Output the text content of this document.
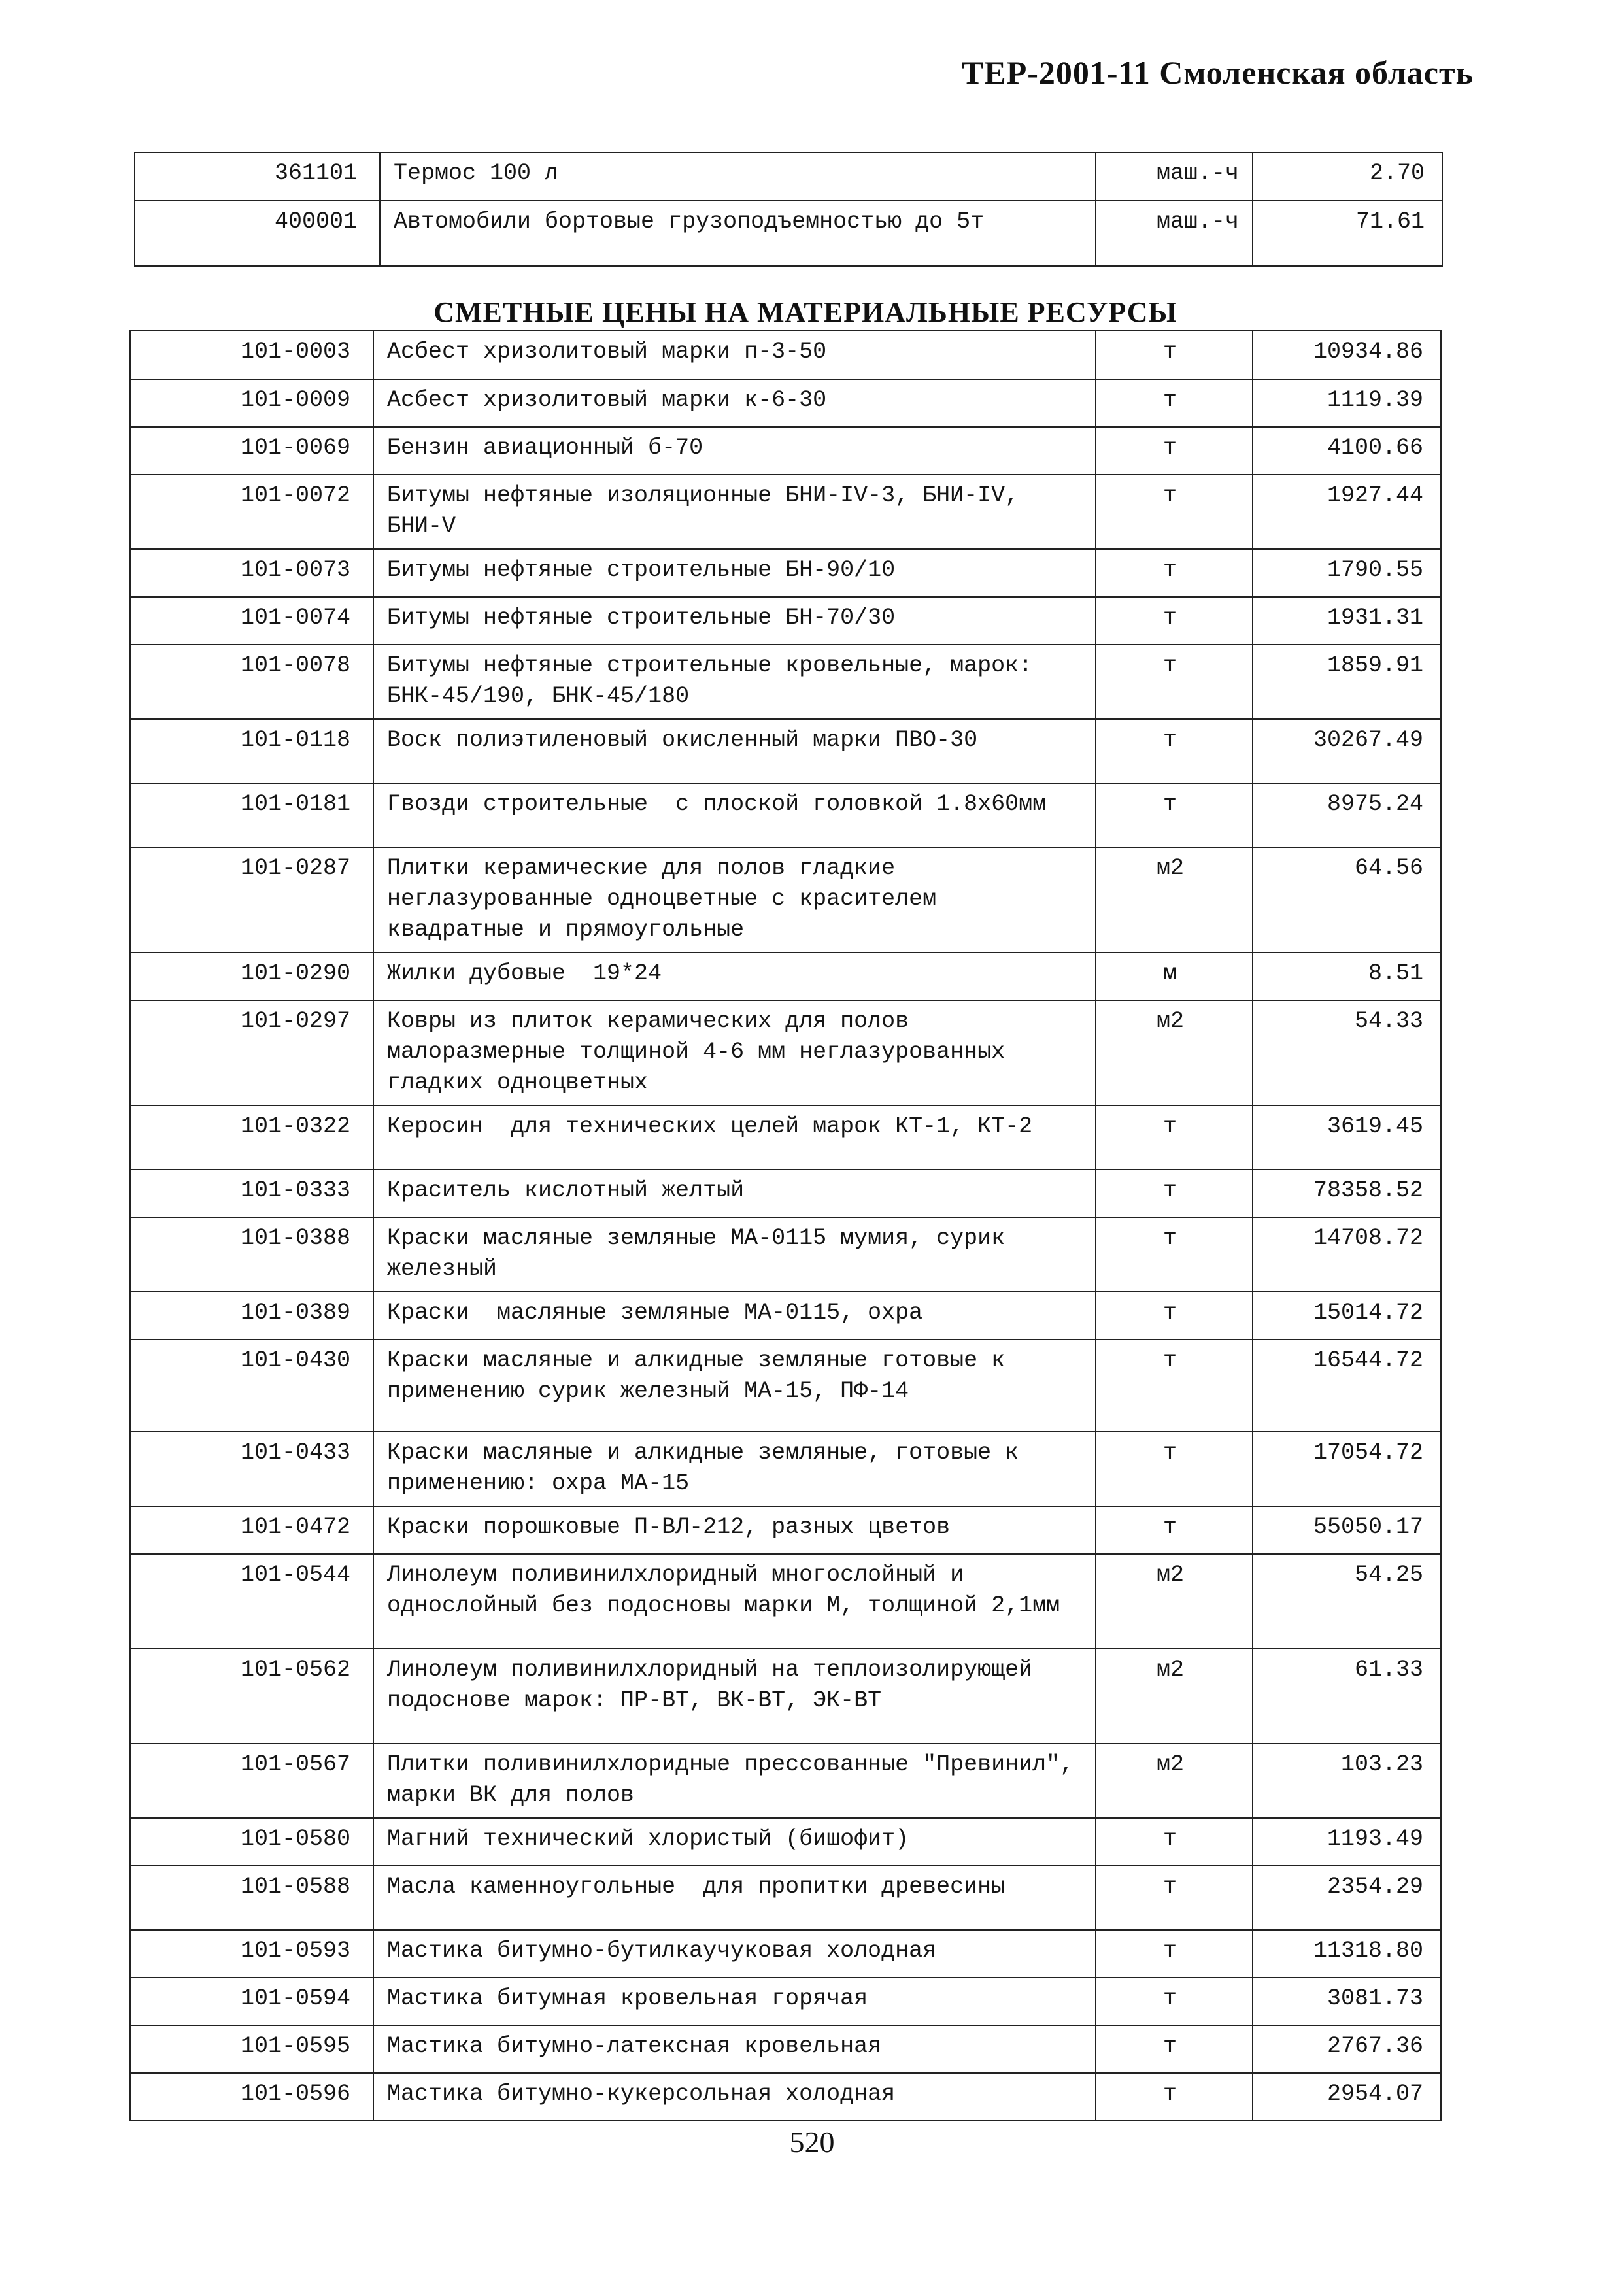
ТЕР-2001-11 Смоленская область
361101	Термос 100 л	маш.-ч	2.70
400001	Автомобили бортовые грузоподъемностью до 5т	маш.-ч	71.61
СМЕТНЫЕ ЦЕНЫ НА МАТЕРИАЛЬНЫЕ РЕСУРСЫ
101-0003	Асбест хризолитовый марки п-3-50	т	10934.86
101-0009	Асбест хризолитовый марки к-6-30	т	1119.39
101-0069	Бензин авиационный б-70	т	4100.66
101-0072	Битумы нефтяные изоляционные БНИ-IV-3, БНИ-IV, БНИ-V	т	1927.44
101-0073	Битумы нефтяные строительные БН-90/10	т	1790.55
101-0074	Битумы нефтяные строительные БН-70/30	т	1931.31
101-0078	Битумы нефтяные строительные кровельные, марок:  БНК-45/190, БНК-45/180	т	1859.91
101-0118	Воск полиэтиленовый окисленный марки ПВО-30	т	30267.49
101-0181	Гвозди строительные  с плоской головкой 1.8х60мм	т	8975.24
101-0287	Плитки керамические для полов гладкие неглазурованные одноцветные с красителем квадратные и прямоугольные	м2	64.56
101-0290	Жилки дубовые  19*24	м	8.51
101-0297	Ковры из плиток керамических для полов малоразмерные толщиной 4-6 мм неглазурованных гладких одноцветных	м2	54.33
101-0322	Керосин  для технических целей марок КТ-1, КТ-2	т	3619.45
101-0333	Краситель кислотный желтый	т	78358.52
101-0388	Краски масляные земляные МА-0115 мумия, сурик железный	т	14708.72
101-0389	Краски  масляные земляные МА-0115, охра	т	15014.72
101-0430	Краски масляные и алкидные земляные готовые к применению сурик железный МА-15, ПФ-14	т	16544.72
101-0433	Краски масляные и алкидные земляные, готовые к применению: охра МА-15	т	17054.72
101-0472	Краски порошковые П-ВЛ-212, разных цветов	т	55050.17
101-0544	Линолеум поливинилхлоридный многослойный и однослойный без подосновы марки М, толщиной 2,1мм	м2	54.25
101-0562	Линолеум поливинилхлоридный на теплоизолирующей подоснове марок: ПР-ВТ, ВК-ВТ, ЭК-ВТ	м2	61.33
101-0567	Плитки поливинилхлоридные прессованные "Превинил", марки ВК для полов	м2	103.23
101-0580	Магний технический хлористый (бишофит)	т	1193.49
101-0588	Масла каменноугольные  для пропитки древесины	т	2354.29
101-0593	Мастика битумно-бутилкаучуковая холодная	т	11318.80
101-0594	Мастика битумная кровельная горячая	т	3081.73
101-0595	Мастика битумно-латексная кровельная	т	2767.36
101-0596	Мастика битумно-кукерсольная холодная	т	2954.07
520
